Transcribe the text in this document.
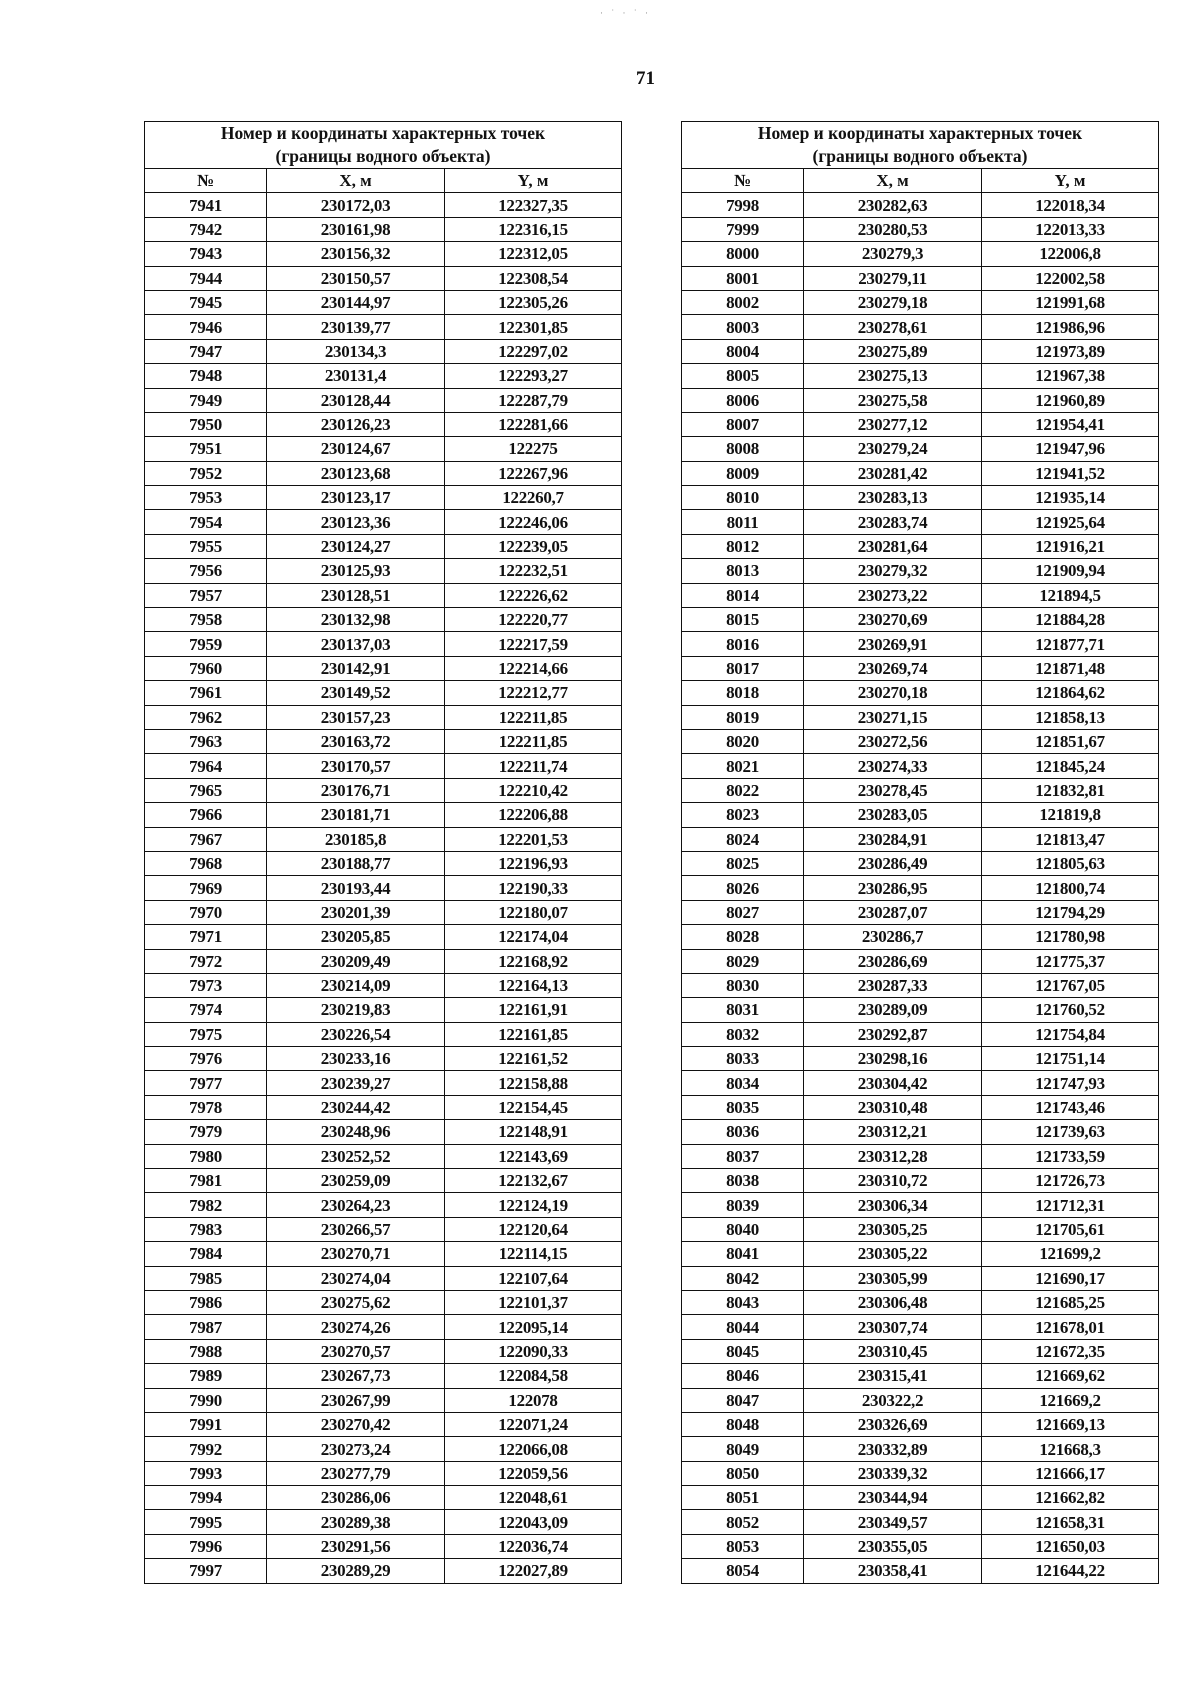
· ˙ · ˙ ·
71
Номер и координаты характерных точек
(границы водного объекта)		
№	X, м	Y, м
7941	230172,03	122327,35
7942	230161,98	122316,15
7943	230156,32	122312,05
7944	230150,57	122308,54
7945	230144,97	122305,26
7946	230139,77	122301,85
7947	230134,3	122297,02
7948	230131,4	122293,27
7949	230128,44	122287,79
7950	230126,23	122281,66
7951	230124,67	122275
7952	230123,68	122267,96
7953	230123,17	122260,7
7954	230123,36	122246,06
7955	230124,27	122239,05
7956	230125,93	122232,51
7957	230128,51	122226,62
7958	230132,98	122220,77
7959	230137,03	122217,59
7960	230142,91	122214,66
7961	230149,52	122212,77
7962	230157,23	122211,85
7963	230163,72	122211,85
7964	230170,57	122211,74
7965	230176,71	122210,42
7966	230181,71	122206,88
7967	230185,8	122201,53
7968	230188,77	122196,93
7969	230193,44	122190,33
7970	230201,39	122180,07
7971	230205,85	122174,04
7972	230209,49	122168,92
7973	230214,09	122164,13
7974	230219,83	122161,91
7975	230226,54	122161,85
7976	230233,16	122161,52
7977	230239,27	122158,88
7978	230244,42	122154,45
7979	230248,96	122148,91
7980	230252,52	122143,69
7981	230259,09	122132,67
7982	230264,23	122124,19
7983	230266,57	122120,64
7984	230270,71	122114,15
7985	230274,04	122107,64
7986	230275,62	122101,37
7987	230274,26	122095,14
7988	230270,57	122090,33
7989	230267,73	122084,58
7990	230267,99	122078
7991	230270,42	122071,24
7992	230273,24	122066,08
7993	230277,79	122059,56
7994	230286,06	122048,61
7995	230289,38	122043,09
7996	230291,56	122036,74
7997	230289,29	122027,89
Номер и координаты характерных точек
(границы водного объекта)		
№	X, м	Y, м
7998	230282,63	122018,34
7999	230280,53	122013,33
8000	230279,3	122006,8
8001	230279,11	122002,58
8002	230279,18	121991,68
8003	230278,61	121986,96
8004	230275,89	121973,89
8005	230275,13	121967,38
8006	230275,58	121960,89
8007	230277,12	121954,41
8008	230279,24	121947,96
8009	230281,42	121941,52
8010	230283,13	121935,14
8011	230283,74	121925,64
8012	230281,64	121916,21
8013	230279,32	121909,94
8014	230273,22	121894,5
8015	230270,69	121884,28
8016	230269,91	121877,71
8017	230269,74	121871,48
8018	230270,18	121864,62
8019	230271,15	121858,13
8020	230272,56	121851,67
8021	230274,33	121845,24
8022	230278,45	121832,81
8023	230283,05	121819,8
8024	230284,91	121813,47
8025	230286,49	121805,63
8026	230286,95	121800,74
8027	230287,07	121794,29
8028	230286,7	121780,98
8029	230286,69	121775,37
8030	230287,33	121767,05
8031	230289,09	121760,52
8032	230292,87	121754,84
8033	230298,16	121751,14
8034	230304,42	121747,93
8035	230310,48	121743,46
8036	230312,21	121739,63
8037	230312,28	121733,59
8038	230310,72	121726,73
8039	230306,34	121712,31
8040	230305,25	121705,61
8041	230305,22	121699,2
8042	230305,99	121690,17
8043	230306,48	121685,25
8044	230307,74	121678,01
8045	230310,45	121672,35
8046	230315,41	121669,62
8047	230322,2	121669,2
8048	230326,69	121669,13
8049	230332,89	121668,3
8050	230339,32	121666,17
8051	230344,94	121662,82
8052	230349,57	121658,31
8053	230355,05	121650,03
8054	230358,41	121644,22
